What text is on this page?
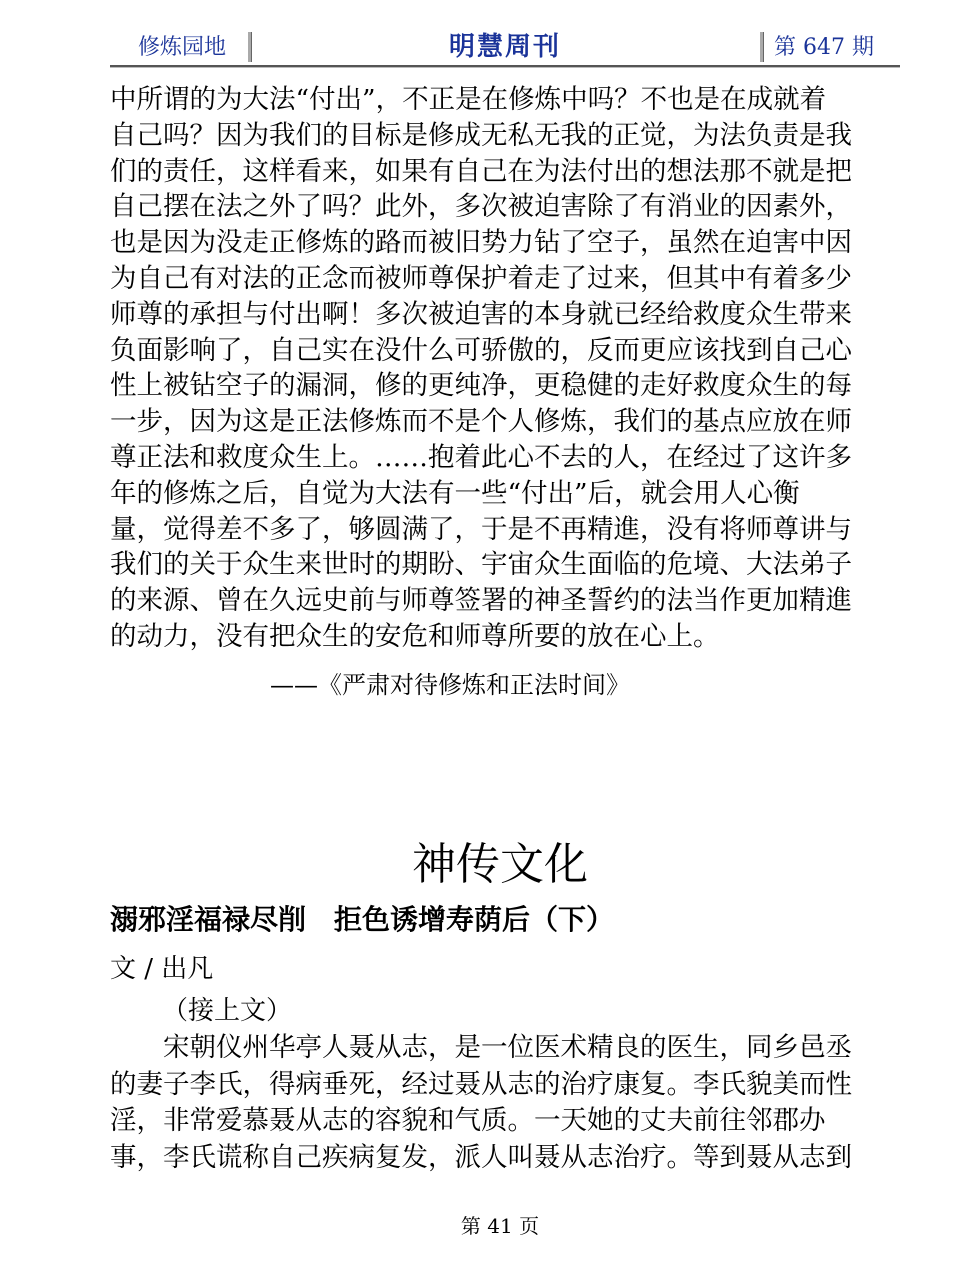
修炼园地	明慧周刊	第 647 期
中所谓的为大法“付出”，不正是在修炼中吗？不也是在成就着
自己吗？因为我们的目标是修成无私无我的正觉，为法负责是我
们的责任，这样看来，如果有自己在为法付出的想法那不就是把
自己摆在法之外了吗？此外，多次被迫害除了有消业的因素外，
也是因为没走正修炼的路而被旧势力钻了空子，虽然在迫害中因
为自己有对法的正念而被师尊保护着走了过来，但其中有着多少
师尊的承担与付出啊！多次被迫害的本身就已经给救度众生带来
负面影响了，自己实在没什么可骄傲的，反而更应该找到自己心
性上被钻空子的漏洞，修的更纯净，更稳健的走好救度众生的每
一步，因为这是正法修炼而不是个人修炼，我们的基点应放在师
尊正法和救度众生上。……抱着此心不去的人，在经过了这许多
年的修炼之后，自觉为大法有一些“付出”后，就会用人心衡
量，觉得差不多了，够圆满了，于是不再精進，没有将师尊讲与
我们的关于众生来世时的期盼、宇宙众生面临的危境、大法弟子
的来源、曾在久远史前与师尊签署的神圣誓约的法当作更加精進
的动力，没有把众生的安危和师尊所要的放在心上。
——《严肃对待修炼和正法时间》
神传文化
溺邪淫福禄尽削　拒色诱增寿荫后（下）
文 / 出凡
（接上文）
　　宋朝仪州华亭人聂从志，是一位医术精良的医生，同乡邑丞
的妻子李氏，得病垂死，经过聂从志的治疗康复。李氏貌美而性
淫，非常爱慕聂从志的容貌和气质。一天她的丈夫前往邻郡办
事，李氏谎称自己疾病复发，派人叫聂从志治疗。等到聂从志到
第 41 页
